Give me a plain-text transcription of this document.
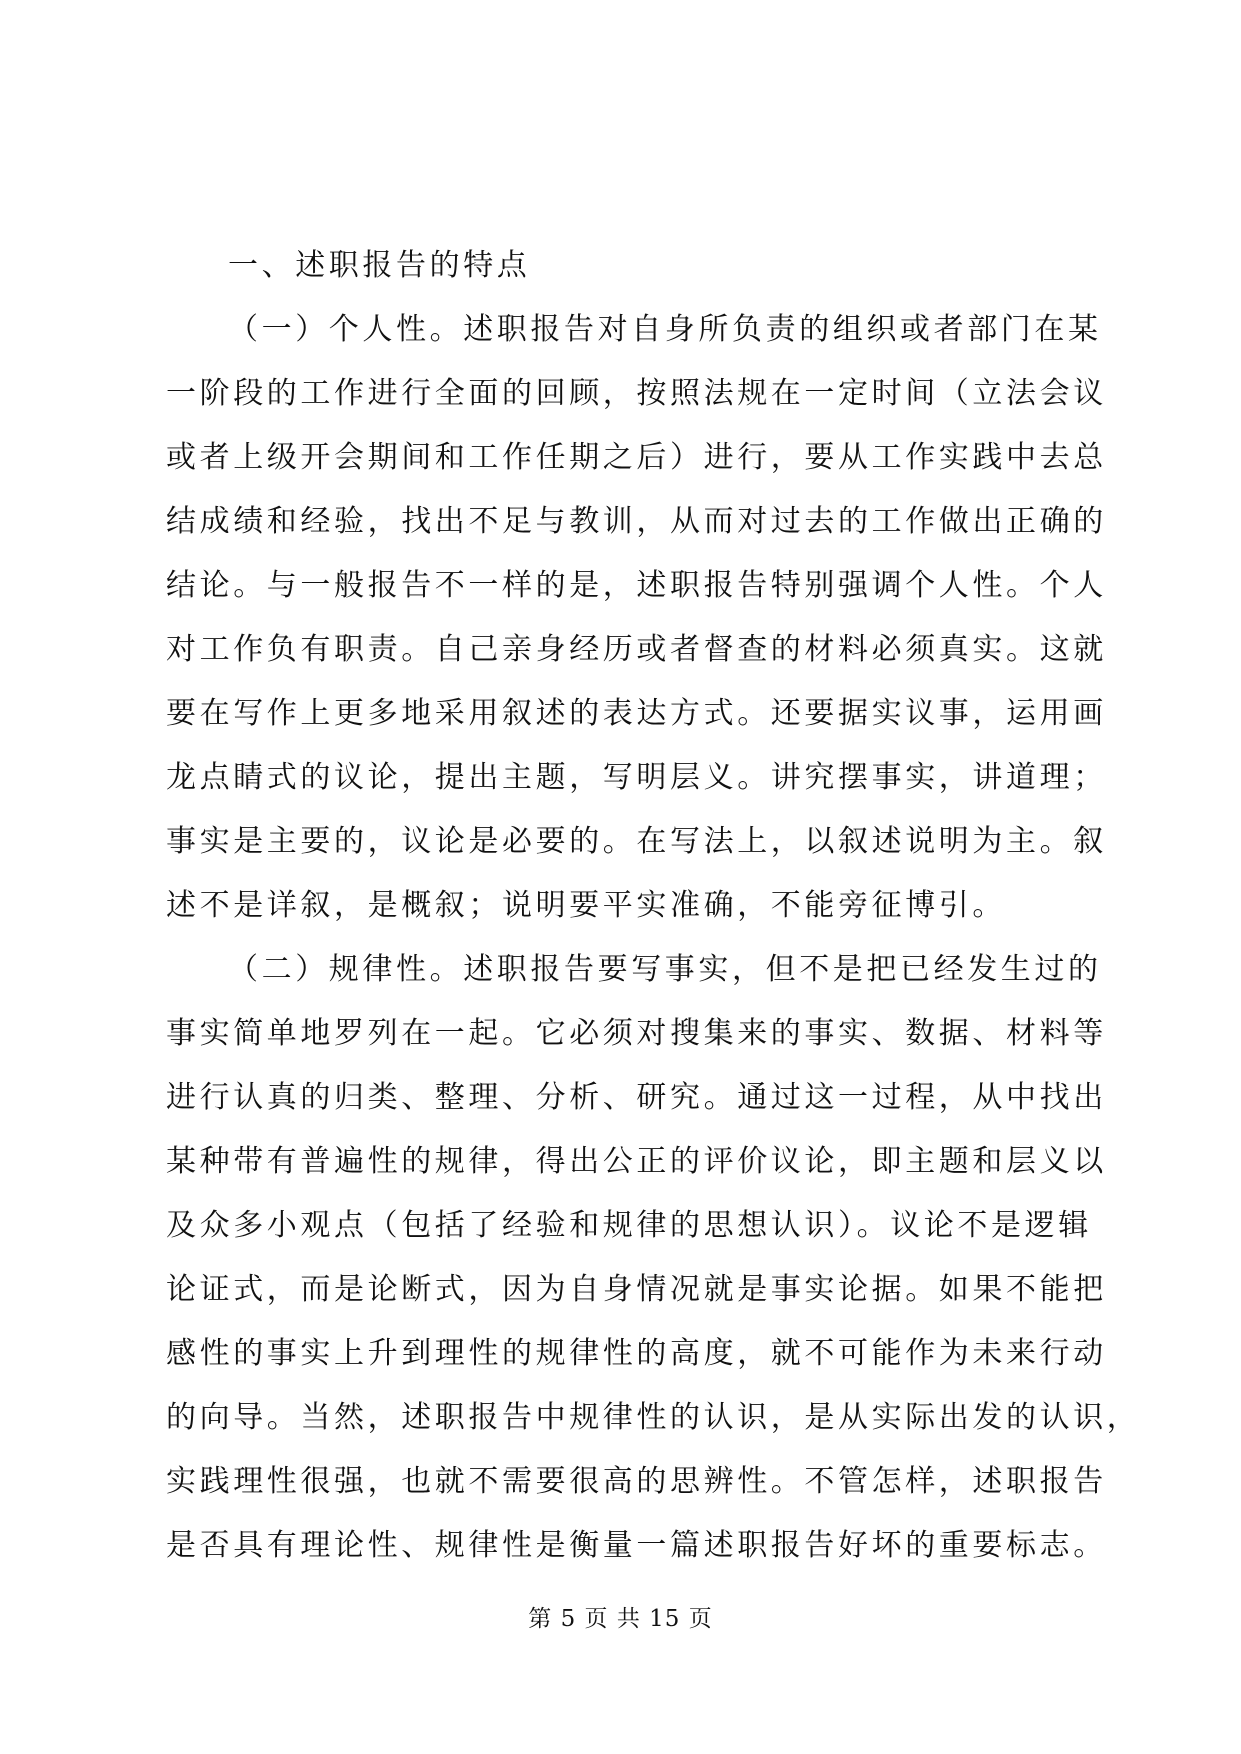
一、述职报告的特点
（一）个人性。述职报告对自身所负责的组织或者部门在某
一阶段的工作进行全面的回顾，按照法规在一定时间（立法会议
或者上级开会期间和工作任期之后）进行，要从工作实践中去总
结成绩和经验，找出不足与教训，从而对过去的工作做出正确的
结论。与一般报告不一样的是，述职报告特别强调个人性。个人
对工作负有职责。自己亲身经历或者督查的材料必须真实。这就
要在写作上更多地采用叙述的表达方式。还要据实议事，运用画
龙点睛式的议论，提出主题，写明层义。讲究摆事实，讲道理；
事实是主要的，议论是必要的。在写法上，以叙述说明为主。叙
述不是详叙，是概叙；说明要平实准确，不能旁征博引。
（二）规律性。述职报告要写事实，但不是把已经发生过的
事实简单地罗列在一起。它必须对搜集来的事实、数据、材料等
进行认真的归类、整理、分析、研究。通过这一过程，从中找出
某种带有普遍性的规律，得出公正的评价议论，即主题和层义以
及众多小观点（包括了经验和规律的思想认识）。议论不是逻辑
论证式，而是论断式，因为自身情况就是事实论据。如果不能把
感性的事实上升到理性的规律性的高度，就不可能作为未来行动
的向导。当然，述职报告中规律性的认识，是从实际出发的认识，
实践理性很强，也就不需要很高的思辨性。不管怎样，述职报告
是否具有理论性、规律性是衡量一篇述职报告好坏的重要标志。
第 5 页 共 15 页
